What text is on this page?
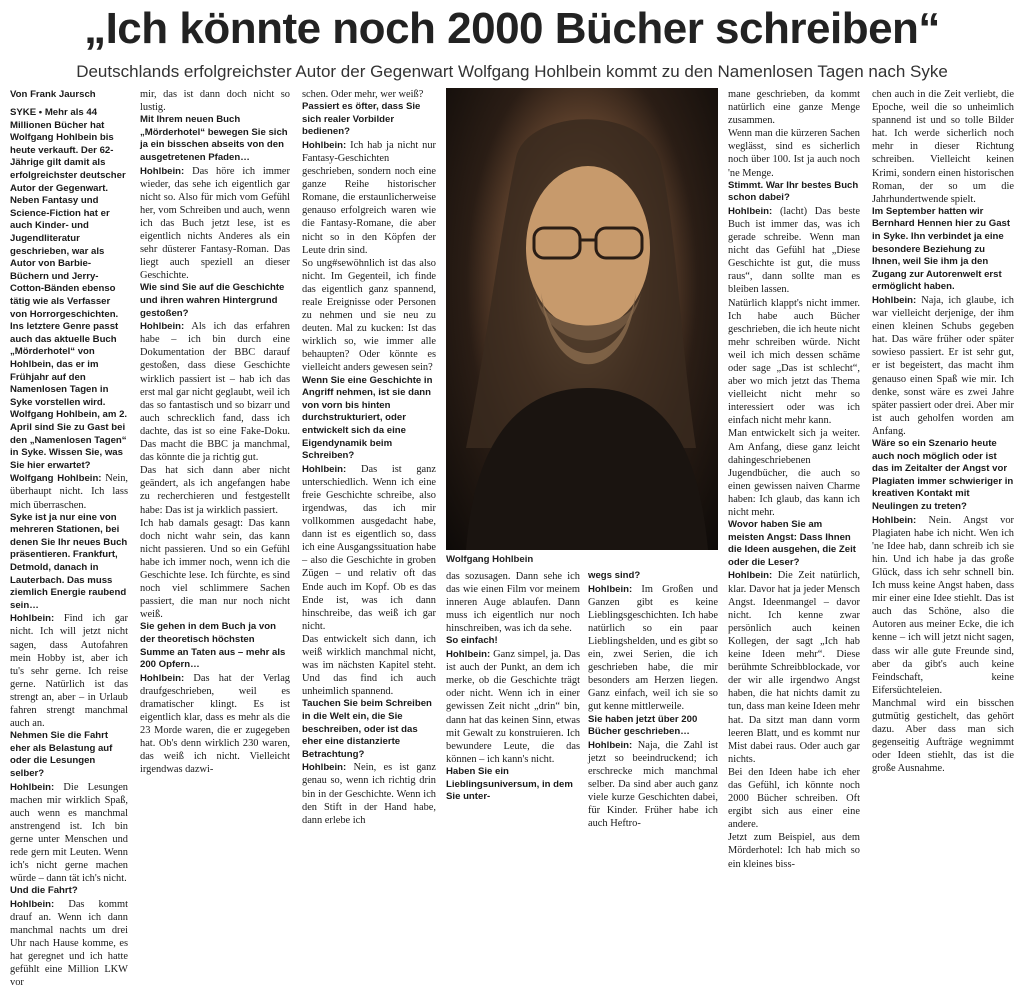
„Ich könnte noch 2000 Bücher schreiben“

Deutschlands erfolgreichster Autor der Gegenwart Wolfgang Hohlbein kommt zu den Namenlosen Tagen nach Syke

Wolfgang Hohlbein

Von Frank Jaursch

SYKE • Mehr als 44 Millionen Bücher hat Wolfgang Hohlbein bis heute verkauft. Der 62-Jährige gilt damit als erfolgreichster deutscher Autor der Gegenwart. Neben Fantasy und Science-Fiction hat er auch Kinder- und Jugendliteratur geschrieben, war als Autor von Barbie-Büchern und Jerry-Cotton-Bänden ebenso tätig wie als Verfasser von Horrorgeschichten. Ins letztere Genre passt auch das aktuelle Buch „Mörderhotel“ von Hohlbein, das er im Frühjahr auf den Namenlosen Tagen in Syke vorstellen wird.

Wolfgang Hohlbein, am 2. April sind Sie zu Gast bei den „Namenlosen Tagen“ in Syke. Wissen Sie, was Sie hier erwartet?

Wolfgang Hohlbein: Nein, überhaupt nicht. Ich lass mich überraschen.

Syke ist ja nur eine von mehreren Stationen, bei denen Sie Ihr neues Buch präsentieren. Frankfurt, Detmold, danach in Lauterbach. Das muss ziemlich Energie raubend sein…

Hohlbein: Find ich gar nicht. Ich will jetzt nicht sagen, dass Autofahren mein Hobby ist, aber ich tu's sehr gerne. Ich reise gerne. Natürlich ist das strengt an, aber – in Urlaub fahren strengt manchmal auch an.

Nehmen Sie die Fahrt eher als Belastung auf oder die Lesungen selber?

Hohlbein: Die Lesungen machen mir wirklich Spaß, auch wenn es manchmal anstrengend ist. Ich bin gerne unter Menschen und rede gern mit Leuten. Wenn ich's nicht gerne machen würde – dann tät ich's nicht.

Und die Fahrt?

Hohlbein: Das kommt drauf an. Wenn ich dann manchmal nachts um drei Uhr nach Hause komme, es hat geregnet und ich hatte gefühlt eine Million LKW vor

mir, das ist dann doch nicht so lustig.

Mit Ihrem neuen Buch „Mörderhotel“ bewegen Sie sich ja ein bisschen abseits von den ausgetretenen Pfaden…

Hohlbein: Das höre ich immer wieder, das sehe ich eigentlich gar nicht so. Also für mich vom Gefühl her, vom Schreiben und auch, wenn ich das Buch jetzt lese, ist es eigentlich nichts Anderes als ein sehr düsterer Fantasy-Roman. Das liegt auch speziell an dieser Geschichte.

Wie sind Sie auf die Geschichte und ihren wahren Hintergrund gestoßen?

Hohlbein: Als ich das erfahren habe – ich bin durch eine Dokumentation der BBC darauf gestoßen, dass diese Geschichte wirklich passiert ist – hab ich das erst mal gar nicht geglaubt, weil ich das so fantastisch und so bizarr und auch schrecklich fand, dass ich dachte, das ist so eine Fake-Doku. Das macht die BBC ja manchmal, das könnte die ja richtig gut.

Das hat sich dann aber nicht geändert, als ich angefangen habe zu recherchieren und festgestellt habe: Das ist ja wirklich passiert.

Ich hab damals gesagt: Das kann doch nicht wahr sein, das kann nicht passieren. Und so ein Gefühl habe ich immer noch, wenn ich die Geschichte lese. Ich fürchte, es sind noch viel schlimmere Sachen passiert, die man nur noch nicht weiß.

Sie gehen in dem Buch ja von der theoretisch höchsten Summe an Taten aus – mehr als 200 Opfern…

Hohlbein: Das hat der Verlag draufgeschrieben, weil es dramatischer klingt. Es ist eigentlich klar, dass es mehr als die 23 Morde waren, die er zugegeben hat. Ob's denn wirklich 230 waren, das weiß ich nicht. Vielleicht irgendwas dazwi-

schen. Oder mehr, wer weiß?

Passiert es öfter, dass Sie sich realer Vorbilder bedienen?

Hohlbein: Ich hab ja nicht nur Fantasy-Geschichten geschrieben, sondern noch eine ganze Reihe historischer Romane, die erstaunlicherweise genauso erfolgreich waren wie die Fantasy-Romane, die aber nicht so in den Köpfen der Leute drin sind.

So ung#sewöhnlich ist das also nicht. Im Gegenteil, ich finde das eigentlich ganz spannend, reale Ereignisse oder Personen zu nehmen und sie neu zu deuten. Mal zu kucken: Ist das wirklich so, wie immer alle behaupten? Oder könnte es vielleicht anders gewesen sein?

Wenn Sie eine Geschichte in Angriff nehmen, ist sie dann von vorn bis hinten durchstrukturiert, oder entwickelt sich da eine Eigendynamik beim Schreiben?

Hohlbein: Das ist ganz unterschiedlich. Wenn ich eine freie Geschichte schreibe, also irgendwas, das ich mir vollkommen ausgedacht habe, dann ist es eigentlich so, dass ich eine Ausgangssituation habe – also die Geschichte in groben Zügen – und relativ oft das Ende auch im Kopf. Ob es das Ende ist, was ich dann hinschreibe, das weiß ich gar nicht.

Das entwickelt sich dann, ich weiß wirklich manchmal nicht, was im nächsten Kapitel steht. Und das find ich auch unheimlich spannend.

Tauchen Sie beim Schreiben in die Welt ein, die Sie beschreiben, oder ist das eher eine distanzierte Betrachtung?

Hohlbein: Nein, es ist ganz genau so, wenn ich richtig drin bin in der Geschichte. Wenn ich den Stift in der Hand habe, dann erlebe ich

das sozusagen. Dann sehe ich das wie einen Film vor meinem inneren Auge ablaufen. Dann muss ich eigentlich nur noch hinschreiben, was ich da sehe.

So einfach!

Hohlbein: Ganz simpel, ja. Das ist auch der Punkt, an dem ich merke, ob die Geschichte trägt oder nicht. Wenn ich in einer gewissen Zeit nicht „drin“ bin, dann hat das keinen Sinn, etwas mit Gewalt zu konstruieren. Ich bewundere Leute, die das können – ich kann's nicht.

Haben Sie ein Lieblingsuniversum, in dem Sie unter-

wegs sind?

Hohlbein: Im Großen und Ganzen gibt es keine Lieblingsgeschichten. Ich habe natürlich so ein paar Lieblingshelden, und es gibt so ein, zwei Serien, die ich geschrieben habe, die mir besonders am Herzen liegen. Ganz einfach, weil ich sie so gut kenne mittlerweile.

Sie haben jetzt über 200 Bücher geschrieben…

Hohlbein: Naja, die Zahl ist jetzt so beeindruckend; ich erschrecke mich manchmal selber. Da sind aber auch ganz viele kurze Geschichten dabei, für Kinder. Früher habe ich auch Heftro-

mane geschrieben, da kommt natürlich eine ganze Menge zusammen.

Wenn man die kürzeren Sachen weglässt, sind es sicherlich noch über 100. Ist ja auch noch 'ne Menge.

Stimmt. War Ihr bestes Buch schon dabei?

Hohlbein: (lacht) Das beste Buch ist immer das, was ich gerade schreibe. Wenn man nicht das Gefühl hat „Diese Geschichte ist gut, die muss raus“, dann sollte man es bleiben lassen.

Natürlich klappt's nicht immer. Ich habe auch Bücher geschrieben, die ich heute nicht mehr schreiben würde. Nicht weil ich mich dessen schäme oder sage „Das ist schlecht“, aber wo mich jetzt das Thema vielleicht nicht mehr so interessiert oder was ich einfach nicht mehr kann.

Man entwickelt sich ja weiter. Am Anfang, diese ganz leicht dahingeschriebenen Jugendbücher, die auch so einen gewissen naiven Charme haben: Ich glaub, das kann ich nicht mehr.

Wovor haben Sie am meisten Angst: Dass Ihnen die Ideen ausgehen, die Zeit oder die Leser?

Hohlbein: Die Zeit natürlich, klar. Davor hat ja jeder Mensch Angst. Ideenmangel – davor nicht. Ich kenne zwar persönlich auch keinen Kollegen, der sagt „Ich hab keine Ideen mehr“. Diese berühmte Schreibblockade, vor der wir alle irgendwo Angst haben, die hat nichts damit zu tun, dass man keine Ideen mehr hat. Da sitzt man dann vorm leeren Blatt, und es kommt nur Mist dabei raus. Oder auch gar nichts.

Bei den Ideen habe ich eher das Gefühl, ich könnte noch 2000 Bücher schreiben. Oft ergibt sich aus einer eine andere.

Jetzt zum Beispiel, aus dem Mörderhotel: Ich hab mich so ein kleines biss-

chen auch in die Zeit verliebt, die Epoche, weil die so unheimlich spannend ist und so tolle Bilder hat. Ich werde sicherlich noch mehr in dieser Richtung schreiben. Vielleicht keinen Krimi, sondern einen historischen Roman, der so um die Jahrhundertwende spielt.

Im September hatten wir Bernhard Hennen hier zu Gast in Syke. Ihn verbindet ja eine besondere Beziehung zu Ihnen, weil Sie ihm ja den Zugang zur Autorenwelt erst ermöglicht haben.

Hohlbein: Naja, ich glaube, ich war vielleicht derjenige, der ihm einen kleinen Schubs gegeben hat. Das wäre früher oder später sowieso passiert. Er ist sehr gut, er ist begeistert, das macht ihm genauso einen Spaß wie mir. Ich denke, sonst wäre es zwei Jahre später passiert oder drei. Aber mir ist auch geholfen worden am Anfang.

Wäre so ein Szenario heute auch noch möglich oder ist das im Zeitalter der Angst vor Plagiaten immer schwieriger in kreativen Kontakt mit Neulingen zu treten?

Hohlbein: Nein. Angst vor Plagiaten habe ich nicht. Wen ich 'ne Idee hab, dann schreib ich sie hin. Und ich habe ja das große Glück, dass ich sehr schnell bin. Ich muss keine Angst haben, dass mir einer eine Idee stiehlt. Das ist auch das Schöne, also die Autoren aus meiner Ecke, die ich kenne – ich will jetzt nicht sagen, dass wir alle gute Freunde sind, aber da gibt's auch keine Feindschaft, keine Eifersüchteleien.

Manchmal wird ein bisschen gutmütig gestichelt, das gehört dazu. Aber dass man sich gegenseitig Aufträge wegnimmt oder Ideen stiehlt, das ist die große Ausnahme.
